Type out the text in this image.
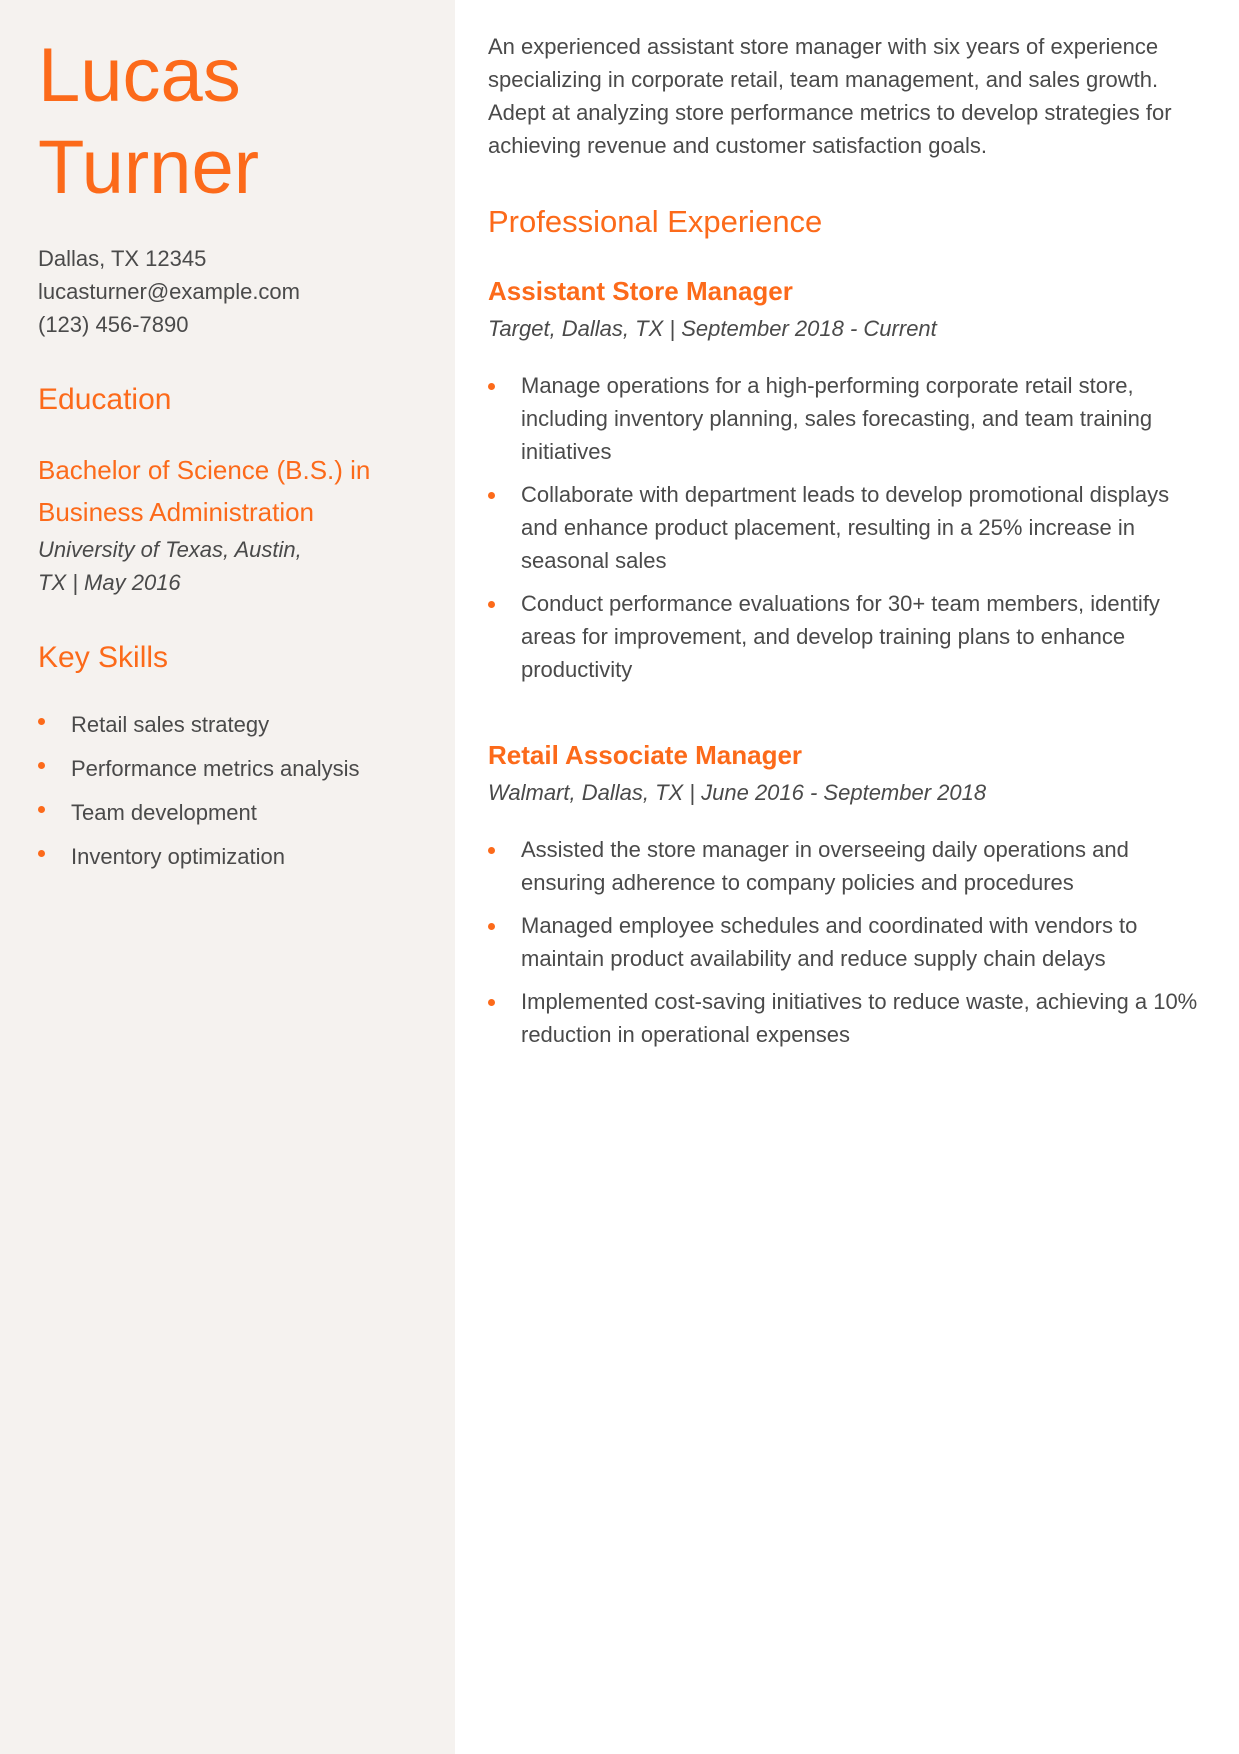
Lucas
Turner
Dallas, TX 12345
lucasturner@example.com
(123) 456-7890
Education
Bachelor of Science (B.S.) in
Business Administration
University of Texas, Austin,
TX | May 2016
Key Skills
Retail sales strategy
Performance metrics analysis
Team development
Inventory optimization

An experienced assistant store manager with six years of experience specializing in corporate retail, team management, and sales growth. Adept at analyzing store performance metrics to develop strategies for achieving revenue and customer satisfaction goals.

Professional Experience
Assistant Store Manager
Target, Dallas, TX | September 2018 - Current
Manage operations for a high-performing corporate retail store, including inventory planning, sales forecasting, and team training initiatives
Collaborate with department leads to develop promotional displays and enhance product placement, resulting in a 25% increase in seasonal sales
Conduct performance evaluations for 30+ team members, identify areas for improvement, and develop training plans to enhance productivity
Retail Associate Manager
Walmart, Dallas, TX | June 2016 - September 2018
Assisted the store manager in overseeing daily operations and ensuring adherence to company policies and procedures
Managed employee schedules and coordinated with vendors to maintain product availability and reduce supply chain delays
Implemented cost-saving initiatives to reduce waste, achieving a 10% reduction in operational expenses
